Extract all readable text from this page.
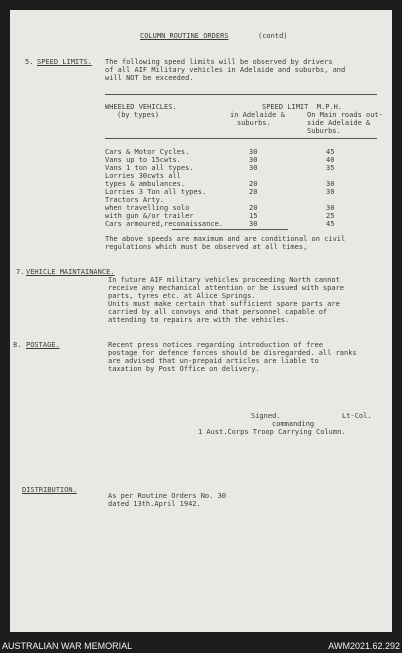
COLUMN ROUTINE ORDERS	(contd)
5. SPEED LIMITS. The following speed limits will be observed by drivers
of all AIF Military vehicles in Adelaide and suburbs, and
will NOT be exceeded.
WHEELED VEHICLES.
(by types)
SPEED LIMIT  M.P.H.
in Adelaide &
suburbs.
On Main roads out-
side Adelaide &
Suburbs.
Cars & Motor Cycles.	30	45
Vans up to 15cwts.	30	40
Vans 1 ton all types.	30	35
Lorries 30cwts all
types & ambulances.	20	30
Lorries 3 Ton all types.	20	30
Tractors Arty.
when travelling solo	20	30
with gun &/or trailer	15	25
Cars armoured,reconaissance.	30	45
The above speeds are maximum and are conditional on civil
regulations which must be observed at all times,
7. VEHICLE MAINTAINANCE.
In future AIF military vehicles proceeding North cannot
receive any mechanical attention or be issued with spare
parts, tyres etc. at Alice Springs.
Units must make certain that sufficient spare parts are
carried by all convoys and that personnel capable of
attending to repairs are with the vehicles.
8. POSTAGE.	Recent press notices regarding introduction of free
postage for defence forces should be disregarded. all ranks
are advised that un-prepaid articles are liable to
taxation by Post Office on delivery.
Signed.	Lt-Col.
commanding
1 Aust.Corps Troop Carrying Column.
DISTRIBUTION.
As per Routine Orders No. 30
dated 13th.April 1942.
AUSTRALIAN WAR MEMORIAL	AWM2021.62.292
